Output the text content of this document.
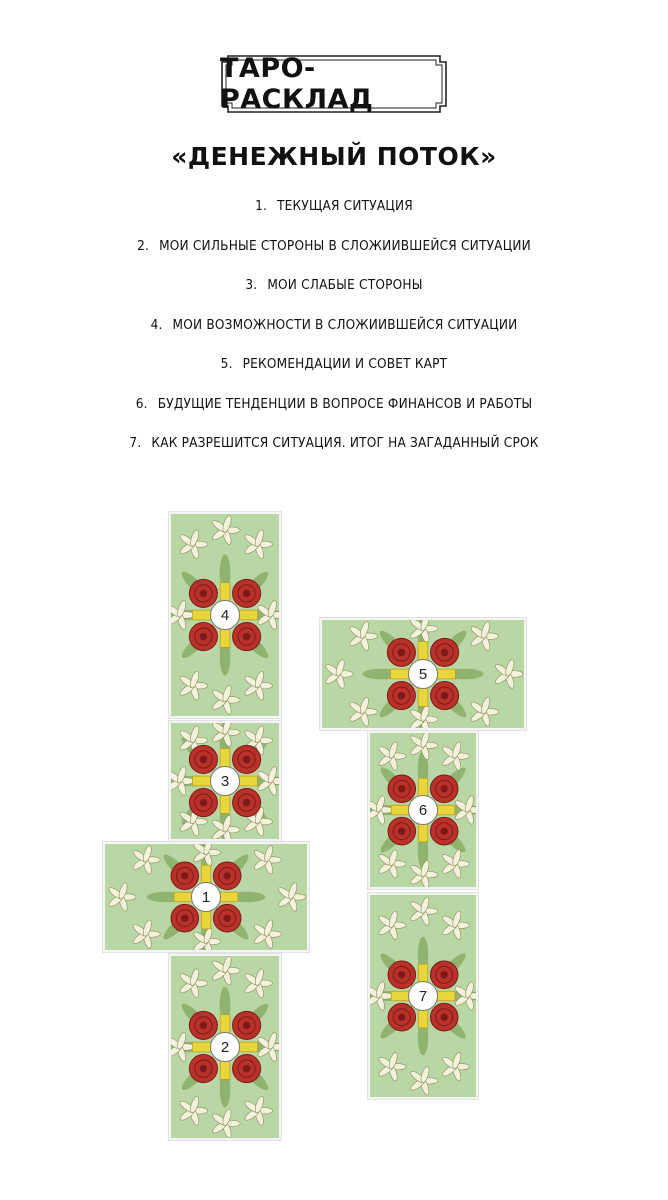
ТАРО-РАСКЛАД
«ДЕНЕЖНЫЙ ПОТОК»
1. ТЕКУЩАЯ СИТУАЦИЯ
2. МОИ СИЛЬНЫЕ СТОРОНЫ В СЛОЖИИВШЕЙСЯ СИТУАЦИИ
3. МОИ СЛАБЫЕ СТОРОНЫ
4. МОИ ВОЗМОЖНОСТИ В СЛОЖИИВШЕЙСЯ СИТУАЦИИ
5. РЕКОМЕНДАЦИИ И СОВЕТ КАРТ
6. БУДУЩИЕ ТЕНДЕНЦИИ В ВОПРОСЕ ФИНАНСОВ И РАБОТЫ
7. КАК РАЗРЕШИТСЯ СИТУАЦИЯ. ИТОГ НА ЗАГАДАННЫЙ СРОК
4
3
1
2
5
6
7
